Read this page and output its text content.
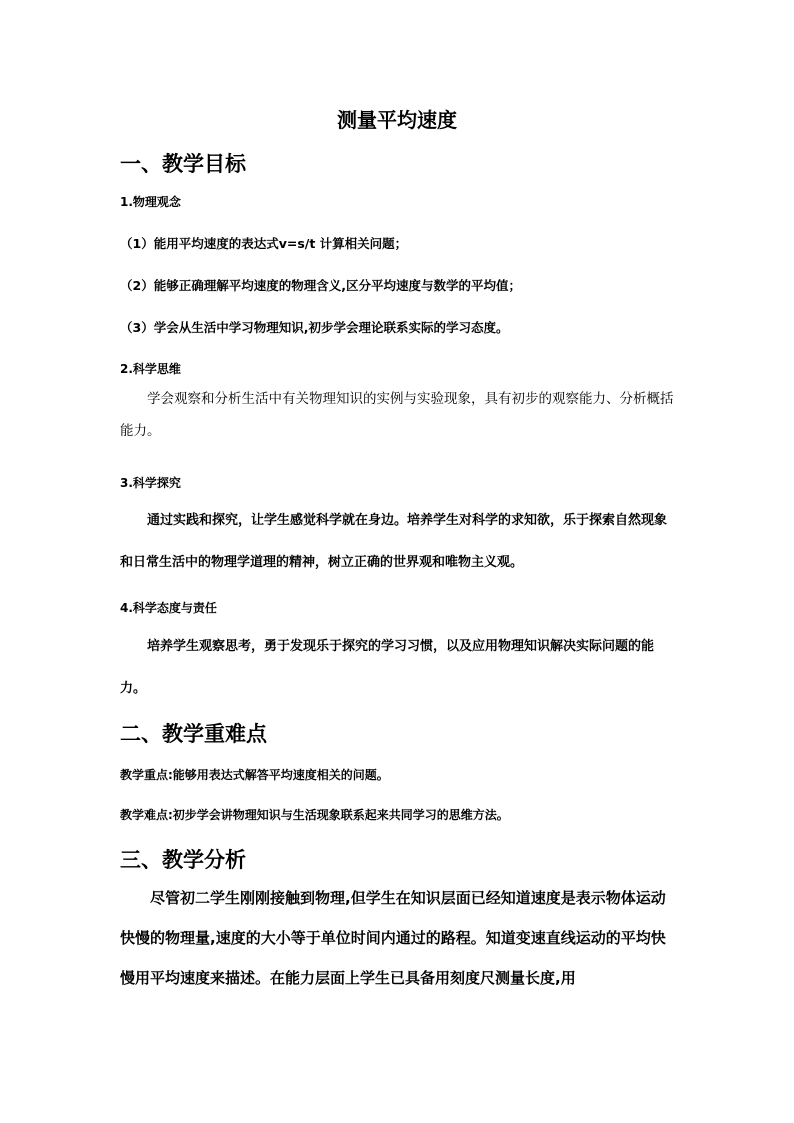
测量平均速度
一、教学目标
1.物理观念
（1）能用平均速度的表达式v=s/t 计算相关问题；
（2）能够正确理解平均速度的物理含义,区分平均速度与数学的平均值；
（3）学会从生活中学习物理知识,初步学会理论联系实际的学习态度。
2.科学思维
学会观察和分析生活中有关物理知识的实例与实验现象，具有初步的观察能力、分析概括能力。
3.科学探究
通过实践和探究，让学生感觉科学就在身边。培养学生对科学的求知欲，乐于探索自然现象和日常生活中的物理学道理的精神，树立正确的世界观和唯物主义观。
4.科学态度与责任
培养学生观察思考，勇于发现乐于探究的学习习惯，以及应用物理知识解决实际问题的能力。
二、教学重难点
教学重点:能够用表达式解答平均速度相关的问题。
教学难点:初步学会讲物理知识与生活现象联系起来共同学习的思维方法。
三、教学分析
尽管初二学生刚刚接触到物理,但学生在知识层面已经知道速度是表示物体运动快慢的物理量,速度的大小等于单位时间内通过的路程。知道变速直线运动的平均快慢用平均速度来描述。在能力层面上学生已具备用刻度尺测量长度,用
